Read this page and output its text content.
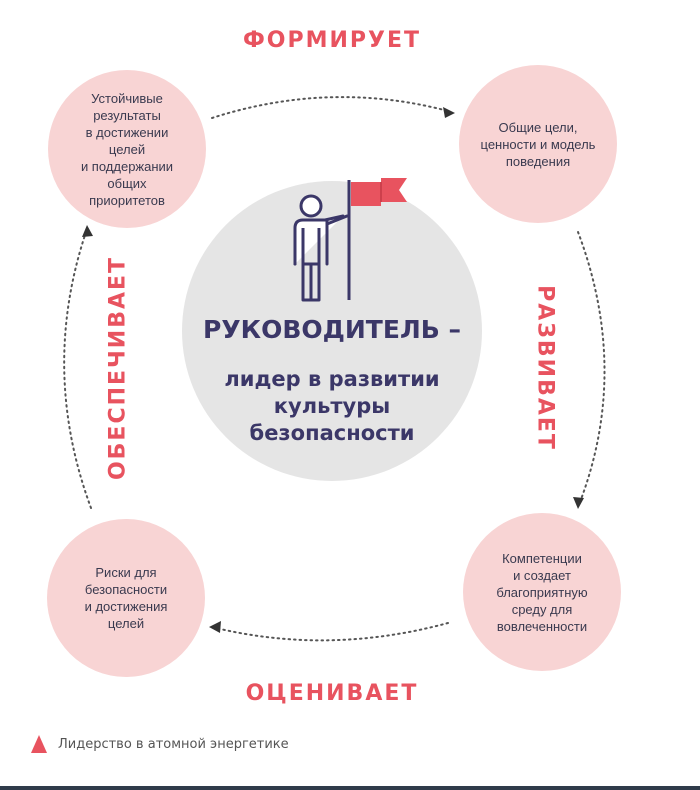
ФОРМИРУЕТ
РАЗВИВАЕТ
ОЦЕНИВАЕТ
ОБЕСПЕЧИВАЕТ
Устойчивые
результаты
в достижении
целей
и поддержании
общих
приоритетов
Общие цели,
ценности и модель
поведения
Компетенции
и создает
благоприятную
среду для
вовлеченности
Риски для
безопасности
и достижения
целей
РУКОВОДИТЕЛЬ –
лидер в развитии
культуры
безопасности
Лидерство в атомной энергетике
